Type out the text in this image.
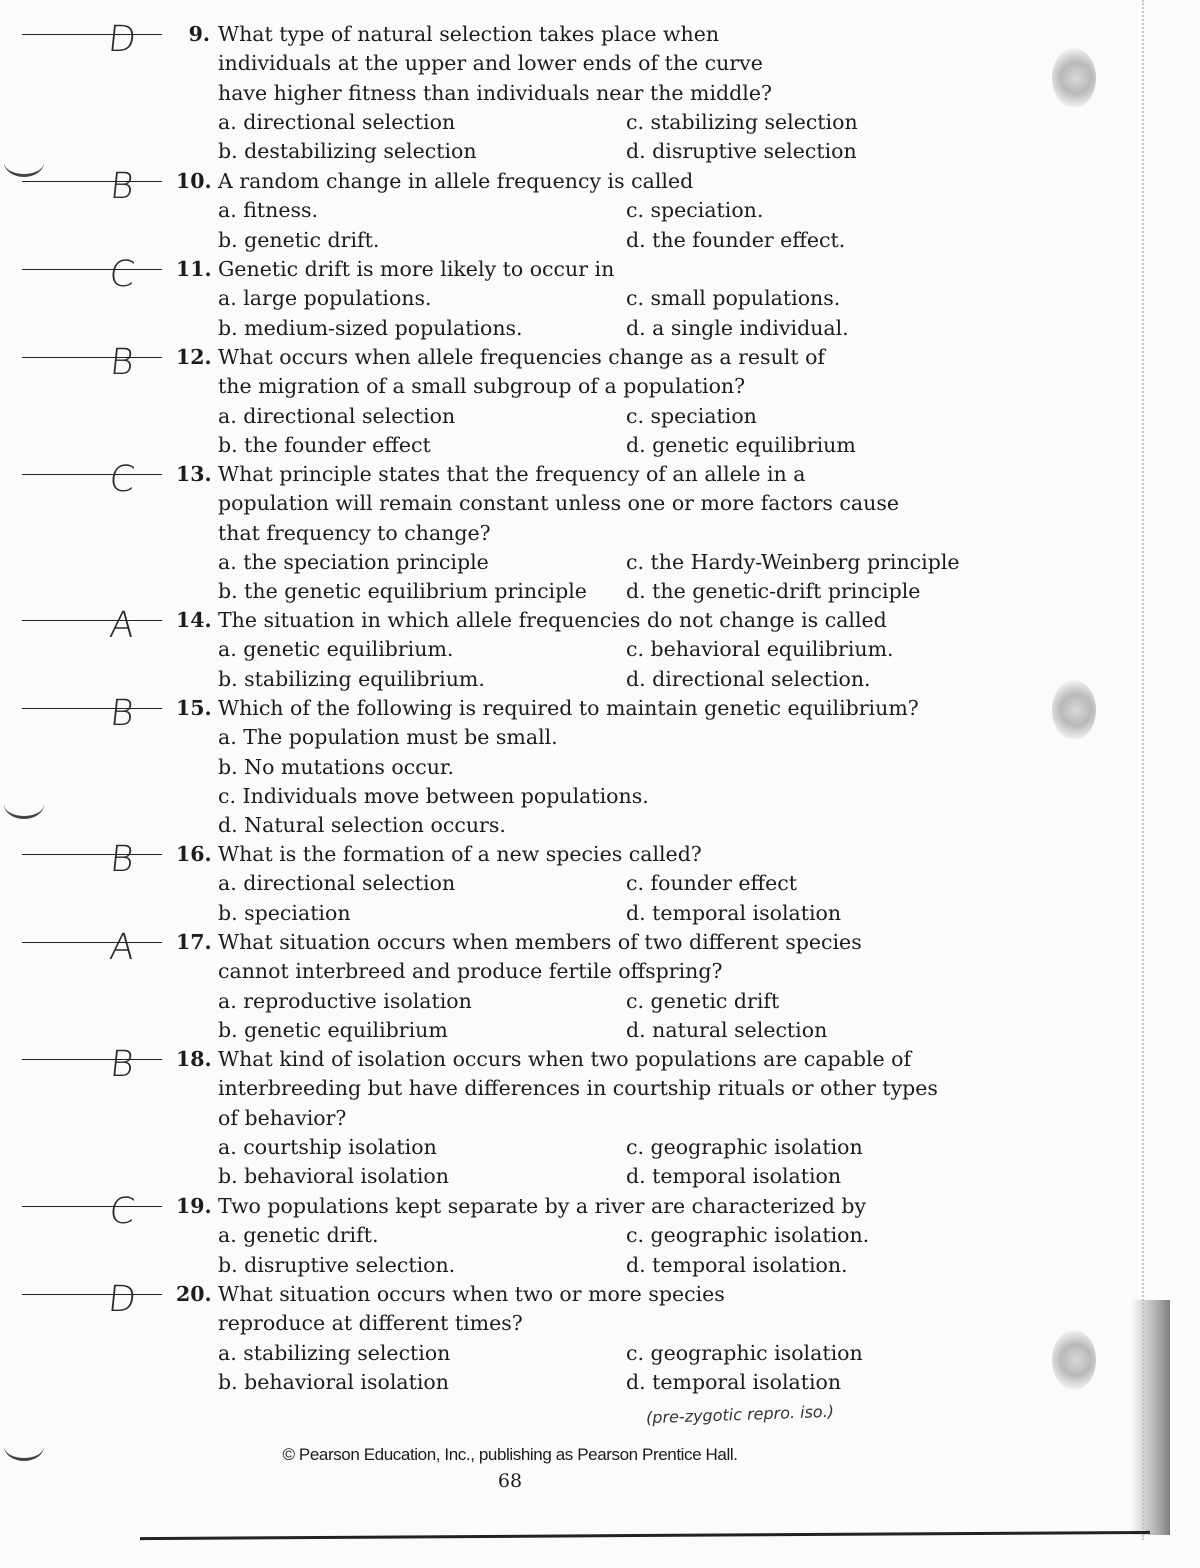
D	9. What type of natural selection takes place when individuals at the upper and lower ends of the curve have higher fitness than individuals near the middle?
a. directional selection	c. stabilizing selection
b. destabilizing selection	d. disruptive selection
B	10. A random change in allele frequency is called
a. fitness.	c. speciation.
b. genetic drift.	d. the founder effect.
C	11. Genetic drift is more likely to occur in
a. large populations.	c. small populations.
b. medium-sized populations.	d. a single individual.
B	12. What occurs when allele frequencies change as a result of the migration of a small subgroup of a population?
a. directional selection	c. speciation
b. the founder effect	d. genetic equilibrium
C	13. What principle states that the frequency of an allele in a population will remain constant unless one or more factors cause that frequency to change?
a. the speciation principle	c. the Hardy-Weinberg principle
b. the genetic equilibrium principle d. the genetic-drift principle
A	14. The situation in which allele frequencies do not change is called
a. genetic equilibrium.	c. behavioral equilibrium.
b. stabilizing equilibrium.	d. directional selection.
B	15. Which of the following is required to maintain genetic equilibrium?
a. The population must be small.
b. No mutations occur.
c. Individuals move between populations.
d. Natural selection occurs.
B	16. What is the formation of a new species called?
a. directional selection	c. founder effect
b. speciation	d. temporal isolation
A	17. What situation occurs when members of two different species cannot interbreed and produce fertile offspring?
a. reproductive isolation	c. genetic drift
b. genetic equilibrium	d. natural selection
B	18. What kind of isolation occurs when two populations are capable of interbreeding but have differences in courtship rituals or other types of behavior?
a. courtship isolation	c. geographic isolation
b. behavioral isolation	d. temporal isolation
C	19. Two populations kept separate by a river are characterized by
a. genetic drift.	c. geographic isolation.
b. disruptive selection.	d. temporal isolation.
D	20. What situation occurs when two or more species reproduce at different times?
a. stabilizing selection	c. geographic isolation
b. behavioral isolation	d. temporal isolation
(pre-zygotic repro. iso.)
© Pearson Education, Inc., publishing as Pearson Prentice Hall.
68
